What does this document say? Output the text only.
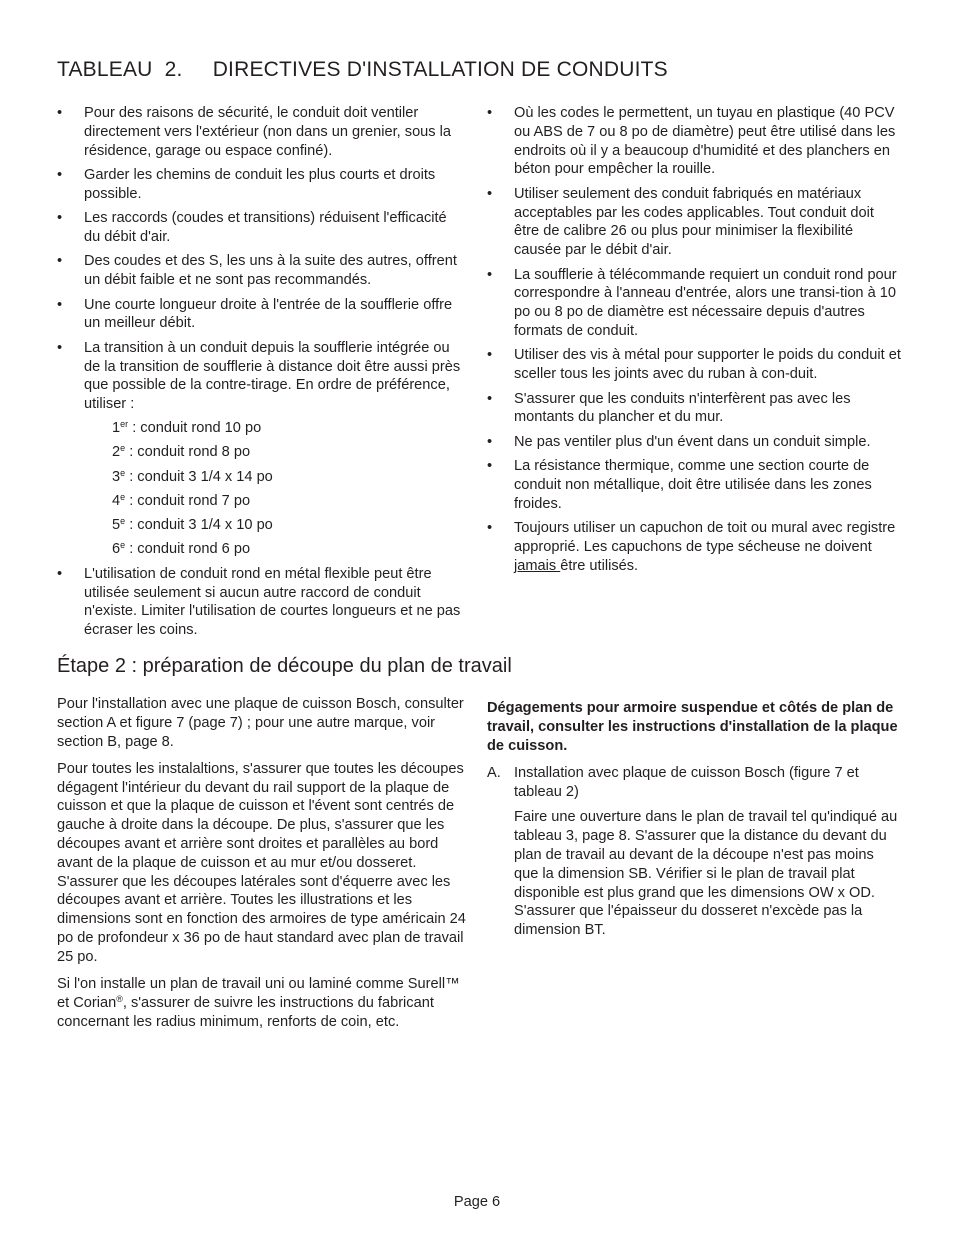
TABLEAU  2.     DIRECTIVES D'INSTALLATION DE CONDUITS
• Pour des raisons de sécurité, le conduit doit ventiler directement vers l'extérieur (non dans un grenier, sous la résidence, garage ou espace confiné).
• Garder les chemins de conduit les plus courts et droits possible.
• Les raccords (coudes et transitions) réduisent l'efficacité du débit d'air.
• Des coudes et des S, les uns à la suite des autres, offrent un débit faible et ne sont pas recommandés.
• Une courte longueur droite à l'entrée de la soufflerie offre un meilleur débit.
• La transition à un conduit depuis la soufflerie intégrée ou de la transition de soufflerie à distance doit être aussi près que possible de la contre-tirage. En ordre de préférence, utiliser :
1er : conduit rond 10 po
2e : conduit rond 8 po
3e : conduit 3 1/4 x 14 po
4e : conduit rond 7 po
5e : conduit 3 1/4 x 10 po
6e : conduit rond 6 po
• L'utilisation de conduit rond en métal flexible peut être utilisée seulement si aucun autre raccord de conduit n'existe. Limiter l'utilisation de courtes longueurs et ne pas écraser les coins.
• Où les codes le permettent, un tuyau en plastique (40 PCV ou ABS de 7 ou 8 po de diamètre) peut être utilisé dans les endroits où il y a beaucoup d'humidité et des planchers en béton pour empêcher la rouille.
• Utiliser seulement des conduit fabriqués en matériaux acceptables par les codes applicables. Tout conduit doit être de calibre 26 ou plus pour minimiser la flexibilité causée par le débit d'air.
• La soufflerie à télécommande requiert un conduit rond pour correspondre à l'anneau d'entrée, alors une transi-tion à 10 po ou 8 po de diamètre est nécessaire depuis d'autres formats de conduit.
• Utiliser des vis à métal pour supporter le poids du conduit et sceller tous les joints avec du ruban à con-duit.
• S'assurer que les conduits n'interfèrent pas avec les montants du plancher et du mur.
• Ne pas ventiler plus d'un évent dans un conduit simple.
• La résistance thermique, comme une section courte de conduit non métallique, doit être utilisée dans les zones froides.
• Toujours utiliser un capuchon de toit ou mural avec registre approprié. Les capuchons de type sécheuse ne doivent jamais être utilisés.
Étape 2 : préparation de découpe du plan de travail

Pour l'installation avec une plaque de cuisson Bosch, consulter section A et figure 7 (page 7) ; pour une autre marque, voir section B, page 8.

Pour toutes les instalaltions, s'assurer que toutes les découpes dégagent l'intérieur du devant du rail support de la plaque de cuisson et que la plaque de cuisson et l'évent sont centrés de gauche à droite dans la découpe. De plus, s'assurer que les découpes avant et arrière sont droites et parallèles au bord avant de la plaque de cuisson et au mur et/ou dosseret. S'assurer que les découpes latérales sont d'équerre avec les découpes avant et arrière. Toutes les illustrations et les dimensions sont en fonction des armoires de type américain 24 po de profondeur x 36 po de haut standard avec plan de travail 25 po.

Si l'on installe un plan de travail uni ou laminé comme Surell™ et Corian®, s'assurer de suivre les instructions du fabricant concernant les radius minimum, renforts de coin, etc.

Dégagements pour armoire suspendue et côtés de plan de travail, consulter les instructions d'installation de la plaque de cuisson.

A. Installation avec plaque de cuisson Bosch (figure 7 et tableau 2)

Faire une ouverture dans le plan de travail tel qu'indiqué au tableau 3, page 8. S'assurer que la distance du devant du plan de travail au devant de la découpe n'est pas moins que la dimension SB. Vérifier si le plan de travail plat disponible est plus grand que les dimensions OW x OD. S'assurer que l'épaisseur du dosseret n'excède pas la dimension BT.

Page 6
